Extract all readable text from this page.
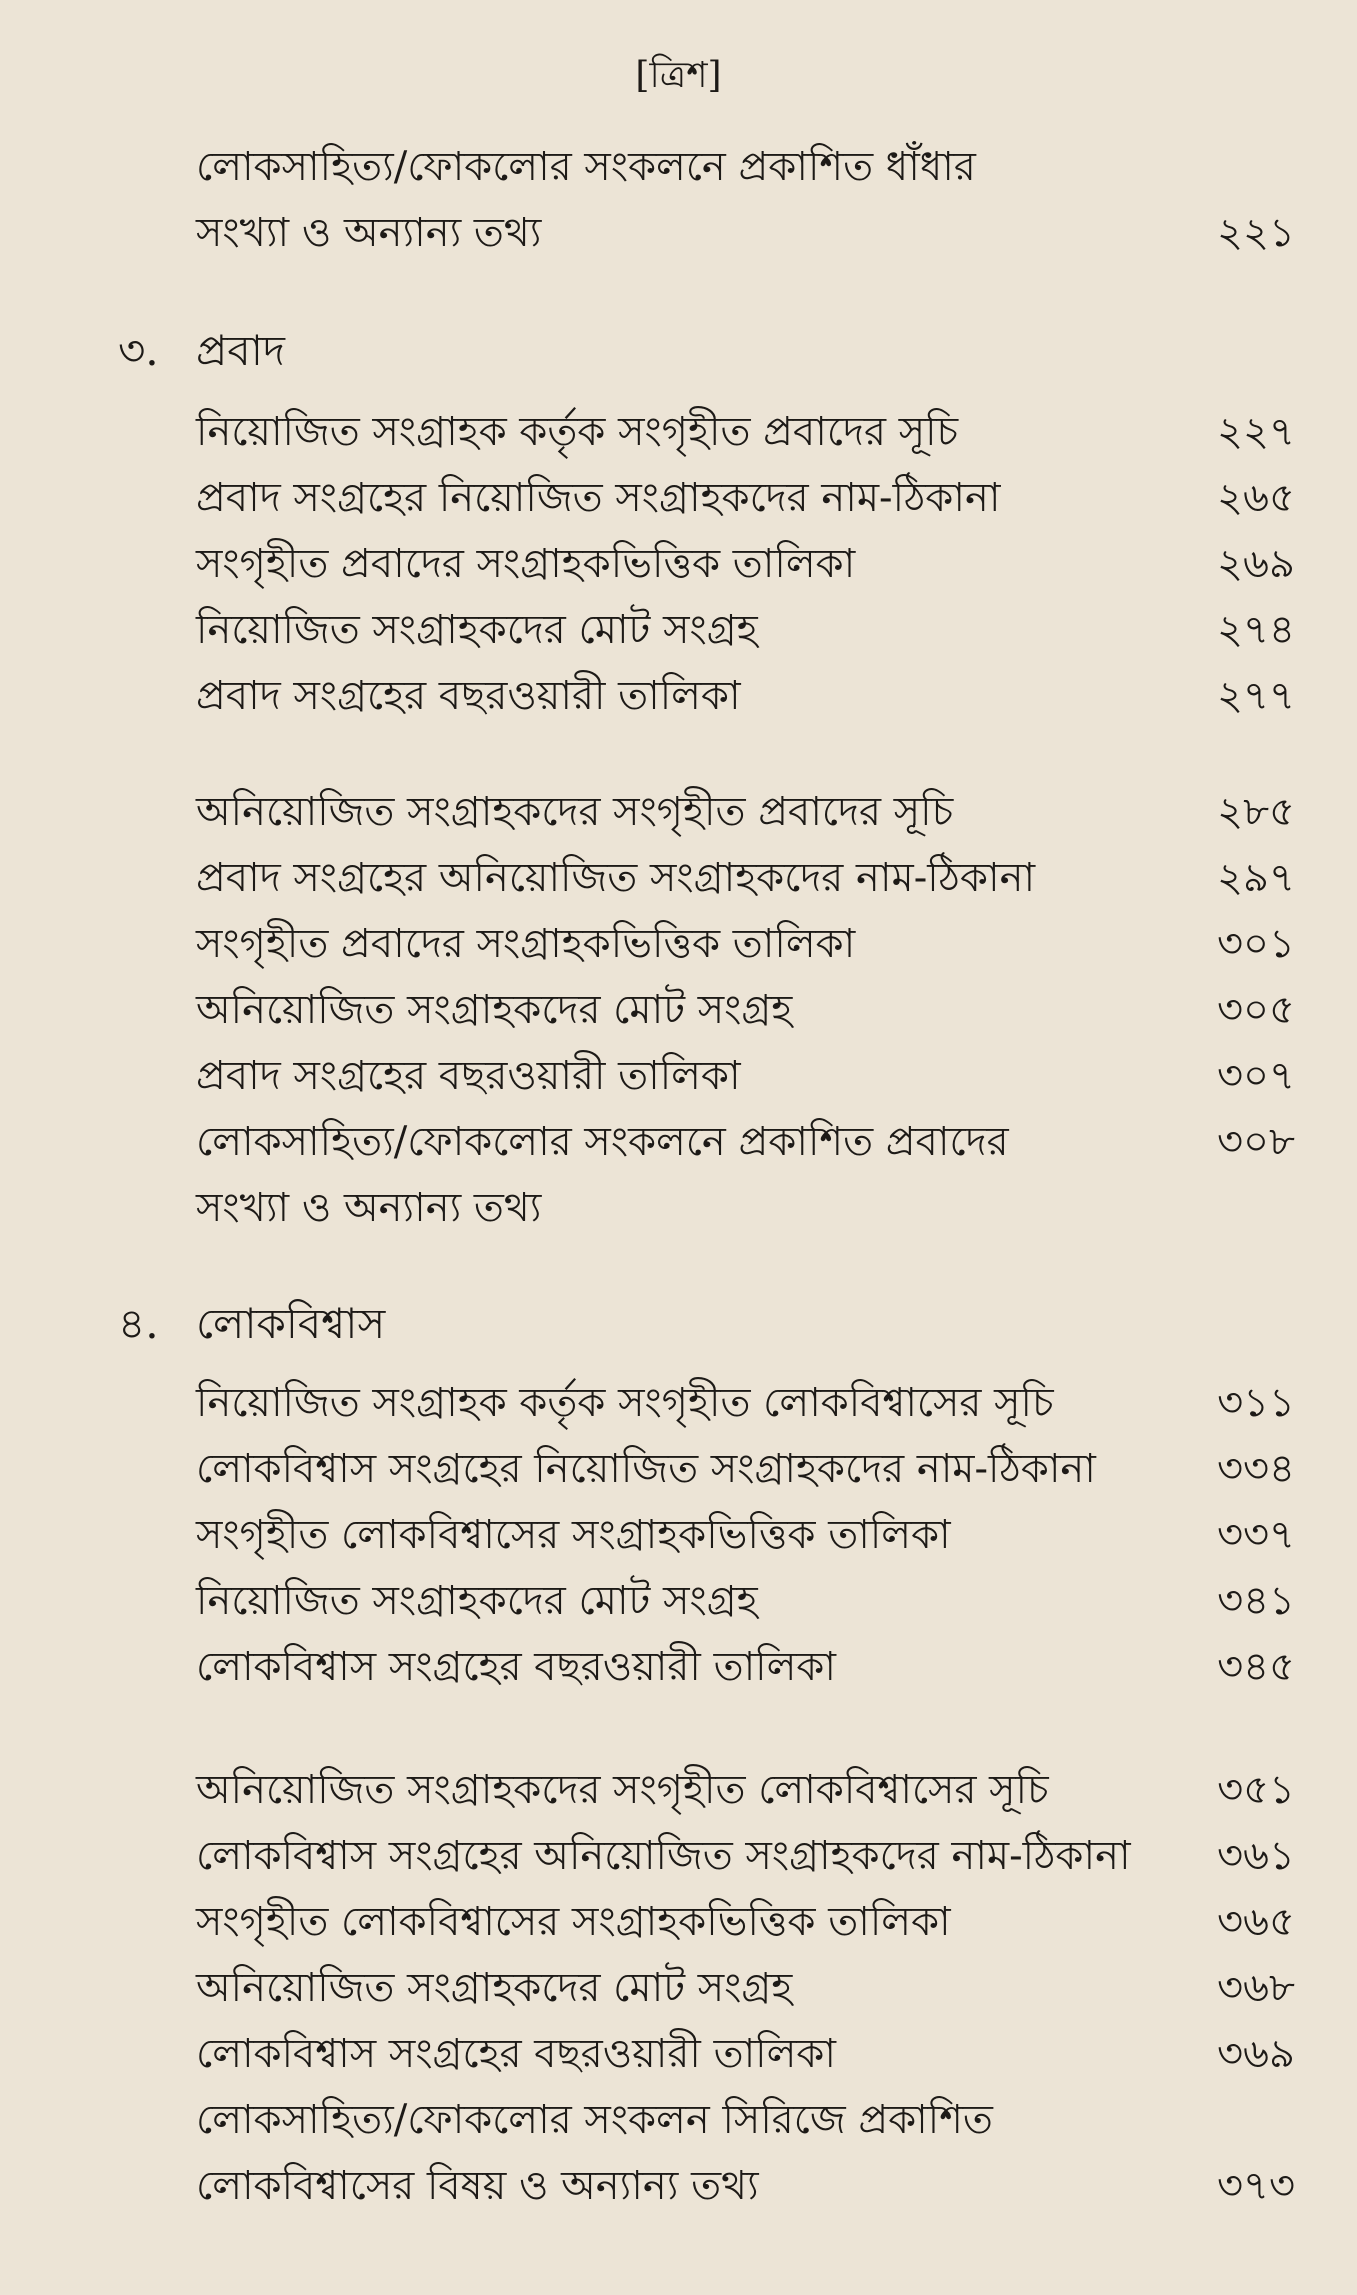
[ত্রিশ]
লোকসাহিত্য/ফোকলোর সংকলনে প্রকাশিত ধাঁধার
সংখ্যা ও অন্যান্য তথ্য	২২১
৩. প্রবাদ
নিয়োজিত সংগ্রাহক কর্তৃক সংগৃহীত প্রবাদের সূচি	২২৭
প্রবাদ সংগ্রহের নিয়োজিত সংগ্রাহকদের নাম-ঠিকানা	২৬৫
সংগৃহীত প্রবাদের সংগ্রাহকভিত্তিক তালিকা	২৬৯
নিয়োজিত সংগ্রাহকদের মোট সংগ্রহ	২৭৪
প্রবাদ সংগ্রহের বছরওয়ারী তালিকা	২৭৭
অনিয়োজিত সংগ্রাহকদের সংগৃহীত প্রবাদের সূচি	২৮৫
প্রবাদ সংগ্রহের অনিয়োজিত সংগ্রাহকদের নাম-ঠিকানা	২৯৭
সংগৃহীত প্রবাদের সংগ্রাহকভিত্তিক তালিকা	৩০১
অনিয়োজিত সংগ্রাহকদের মোট সংগ্রহ	৩০৫
প্রবাদ সংগ্রহের বছরওয়ারী তালিকা	৩০৭
লোকসাহিত্য/ফোকলোর সংকলনে প্রকাশিত প্রবাদের	৩০৮
সংখ্যা ও অন্যান্য তথ্য
৪. লোকবিশ্বাস
নিয়োজিত সংগ্রাহক কর্তৃক সংগৃহীত লোকবিশ্বাসের সূচি	৩১১
লোকবিশ্বাস সংগ্রহের নিয়োজিত সংগ্রাহকদের নাম-ঠিকানা	৩৩৪
সংগৃহীত লোকবিশ্বাসের সংগ্রাহকভিত্তিক তালিকা	৩৩৭
নিয়োজিত সংগ্রাহকদের মোট সংগ্রহ	৩৪১
লোকবিশ্বাস সংগ্রহের বছরওয়ারী তালিকা	৩৪৫
অনিয়োজিত সংগ্রাহকদের সংগৃহীত লোকবিশ্বাসের সূচি	৩৫১
লোকবিশ্বাস সংগ্রহের অনিয়োজিত সংগ্রাহকদের নাম-ঠিকানা ৩৬১
সংগৃহীত লোকবিশ্বাসের সংগ্রাহকভিত্তিক তালিকা	৩৬৫
অনিয়োজিত সংগ্রাহকদের মোট সংগ্রহ	৩৬৮
লোকবিশ্বাস সংগ্রহের বছরওয়ারী তালিকা	৩৬৯
লোকসাহিত্য/ফোকলোর সংকলন সিরিজে প্রকাশিত
লোকবিশ্বাসের বিষয় ও অন্যান্য তথ্য	৩৭৩
